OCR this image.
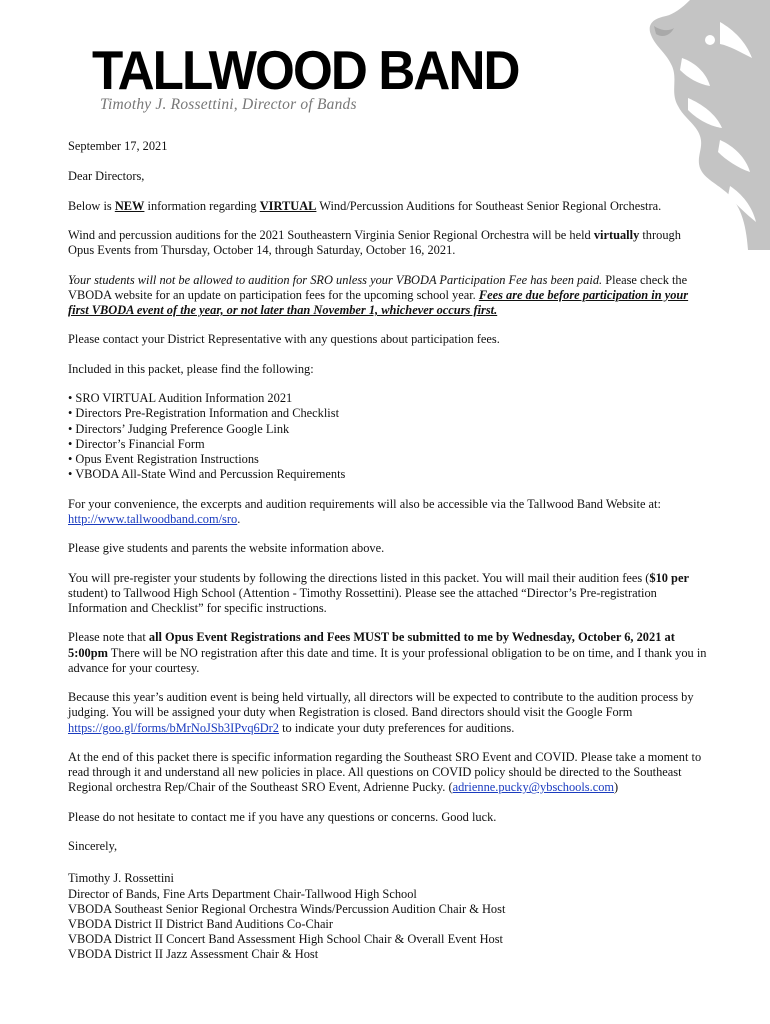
TALLWOOD BAND
Timothy J. Rossettini, Director of Bands

September 17, 2021

Dear Directors,

Below is NEW information regarding VIRTUAL Wind/Percussion Auditions for Southeast Senior Regional Orchestra.

Wind and percussion auditions for the 2021 Southeastern Virginia Senior Regional Orchestra will be held virtually through Opus Events from Thursday, October 14, through Saturday, October 16, 2021.

Your students will not be allowed to audition for SRO unless your VBODA Participation Fee has been paid. Please check the VBODA website for an update on participation fees for the upcoming school year. Fees are due before participation in your first VBODA event of the year, or not later than November 1, whichever occurs first.

Please contact your District Representative with any questions about participation fees.

Included in this packet, please find the following:

• SRO VIRTUAL Audition Information 2021
• Directors Pre-Registration Information and Checklist
• Directors’ Judging Preference Google Link
• Director’s Financial Form
• Opus Event Registration Instructions
• VBODA All-State Wind and Percussion Requirements

For your convenience, the excerpts and audition requirements will also be accessible via the Tallwood Band Website at: http://www.tallwoodband.com/sro.

Please give students and parents the website information above.

You will pre-register your students by following the directions listed in this packet. You will mail their audition fees ($10 per student) to Tallwood High School (Attention - Timothy Rossettini). Please see the attached “Director’s Pre-registration Information and Checklist” for specific instructions.

Please note that all Opus Event Registrations and Fees MUST be submitted to me by Wednesday, October 6, 2021 at 5:00pm There will be NO registration after this date and time. It is your professional obligation to be on time, and I thank you in advance for your courtesy.

Because this year’s audition event is being held virtually, all directors will be expected to contribute to the audition process by judging. You will be assigned your duty when Registration is closed. Band directors should visit the Google Form https://goo.gl/forms/bMrNoJSb3IPvq6Dr2 to indicate your duty preferences for auditions.

At the end of this packet there is specific information regarding the Southeast SRO Event and COVID. Please take a moment to read through it and understand all new policies in place. All questions on COVID policy should be directed to the Southeast Regional orchestra Rep/Chair of the Southeast SRO Event, Adrienne Pucky. (adrienne.pucky@ybschools.com)

Please do not hesitate to contact me if you have any questions or concerns. Good luck.

Sincerely,

Timothy J. Rossettini
Director of Bands, Fine Arts Department Chair-Tallwood High School
VBODA Southeast Senior Regional Orchestra Winds/Percussion Audition Chair & Host
VBODA District II District Band Auditions Co-Chair
VBODA District II Concert Band Assessment High School Chair & Overall Event Host
VBODA District II Jazz Assessment Chair & Host
